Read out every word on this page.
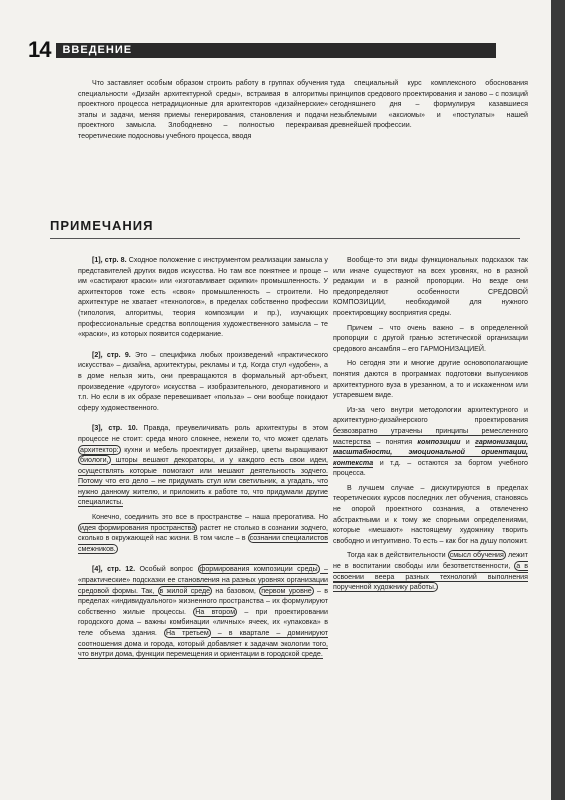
14	ВВЕДЕНИЕ

Что заставляет особым образом строить работу в группах обучения специальности «Дизайн архитектурной среды», встраивая в алгоритмы проектного процесса нетрадиционные для архитекторов «дизайнерские» этапы и задачи, меняя приемы генерирования, становления и подачи проектного замысла. Злободневно – полностью перекраивая теоретические подосновы учебного процесса, вводя

туда специальный курс комплексного обоснования принципов средового проектирования и заново – с позиций сегодняшнего дня – формулируя казавшиеся незыблемыми «аксиомы» и «постулаты» нашей древнейшей профессии.

ПРИМЕЧАНИЯ

[1], стр. 8. Сходное положение с инструментом реализации замысла у представителей других видов искусства. Но там все понятнее и проще – им «састирают краски» или «изготавливает скрипки» промышленность. У архитекторов тоже есть «своя» промышленность – строители. Но архитектуре не хватает «технологов», в пределах собственно профессии (типология, алгоритмы, теория композиции и пр.), изучающих профессиональные средства воплощения художественного замысла – те «краски», из которых появится содержание.

[2], стр. 9. Это – специфика любых произведений «практического искусства» – дизайна, архитектуры, рекламы и т.д. Когда стул «удобен», а в доме нельзя жить, они превращаются в формальный арт-объект, произведение «другого» искусства – изобразительного, декоративного и т.п. Но если в их образе перевешивает «польза» – они вообще покидают сферу художественного.

[3], стр. 10. Правда, преувеличивать роль архитектуры в этом процессе не стоит: среда много сложнее, нежели то, что может сделать архитектор: кухни и мебель проектирует дизайнер, цветы выращивают биологи, шторы вешают декораторы, и у каждого есть свои идеи, осуществлять которые помогают или мешают деятельность зодчего. Потому что его дело – не придумать стул или светильник, а угадать, что нужно данному жителю, и приложить к работе то, что придумали другие специалисты.

Конечно, соединить это все в пространстве – наша прерогатива. Но идея формирования пространства растет не столько в сознании зодчего, сколько в окружающей нас жизни. В том числе – в сознании специалистов смежников.

[4], стр. 12. Особый вопрос формирования композиции среды – «практические» подсказки ее становления на разных уровнях организации средовой формы. Так, в жилой среде на базовом, первом уровне – в пределах «индивидуального» жизненного пространства – их формулируют собственно жилые процессы. На втором – при проектировании городского дома – важны комбинации «личных» ячеек, их «упаковка» в теле объема здания. На третьем – в квартале – доминируют соотношения дома и города, который добавляет к задачам экологии того, что внутри дома, функции перемещения и ориентации в городской среде.

Вообще-то эти виды функциональных подсказок так или иначе существуют на всех уровнях, но в разной редакции и в разной пропорции. Но везде они предопределяют особенности СРЕДОВОЙ КОМПОЗИЦИИ, необходимой для нужного проектировщику восприятия среды.

Причем – что очень важно – в определенной пропорции с другой гранью эстетической организации средового ансамбля – его ГАРМОНИЗАЦИЕЙ.

Но сегодня эти и многие другие основополагающие понятия даются в программах подготовки выпускников архитектурного вуза в урезанном, а то и искаженном или устаревшем виде.

Из-за чего внутри методологии архитектурного и архитектурно-дизайнерского проектирования безвозвратно утрачены принципы ремесленного мастерства – понятия композиции и гармонизации, масштабности, эмоциональной ориентации, контекста и т.д. – остаются за бортом учебного процесса.

В лучшем случае – дискутируются в пределах теоретических курсов последних лет обучения, становясь не опорой проектного сознания, а отвлеченно абстрактными и к тому же спорными определениями, которые «мешают» настоящему художнику творить свободно и интуитивно. То есть – как бог на душу положит.

Тогда как в действительности смысл обучения лежит не в воспитании свободы или безответственности, а в освоении веера разных технологий выполнения порученной художнику работы.
